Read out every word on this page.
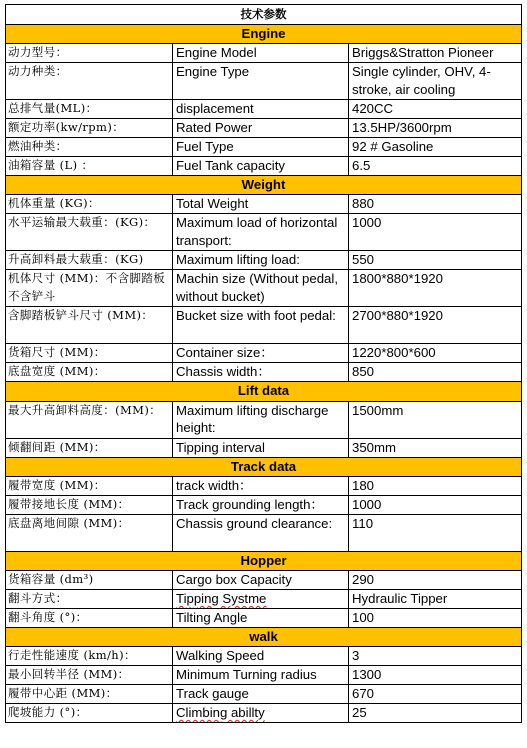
技术参数		
Engine		
动力型号：	Engine Model	Briggs&Stratton Pioneer
动力种类：	Engine Type	Single cylinder, OHV, 4-stroke, air cooling
总排气量(ML)：	displacement	420CC
额定功率(kw/rpm)：	Rated Power	13.5HP/3600rpm
燃油种类：	Fuel Type	92 # Gasoline
油箱容量 (L) ：	Fuel Tank capacity	6.5
Weight		
机体重量 (KG)：	Total Weight	880
水平运输最大载重：(KG)：	Maximum load of horizontal transport:	1000
升高卸料最大载重：(KG)	Maximum lifting load:	550
机体尺寸 (MM)：不含脚踏板不含铲斗	Machin size (Without pedal, without bucket)	1800*880*1920
含脚踏板铲斗尺寸 (MM)：	Bucket size with foot pedal:	2700*880*1920
货箱尺寸 (MM)：	Container size：	1220*800*600
底盘宽度 (MM)：	Chassis width：	850
Lift data		
最大升高卸料高度：(MM)：	Maximum lifting discharge height:	1500mm
倾翻间距 (MM)：	Tipping interval	350mm
Track data		
履带宽度 (MM)：	track width：	180
履带接地长度 (MM)：	Track grounding length：	1000
底盘离地间隙 (MM)：	Chassis ground clearance:	110
Hopper		
货箱容量 (dm³)	Cargo box Capacity	290
翻斗方式：	Tipping Systme	Hydraulic Tipper
翻斗角度 (°)：	Tilting Angle	100
walk		
行走性能速度 (km/h)：	Walking Speed	3
最小回转半径 (MM)：	Minimum Turning radius	1300
履带中心距 (MM)：	Track gauge	670
爬坡能力 (°)：	Climbing abillty	25
